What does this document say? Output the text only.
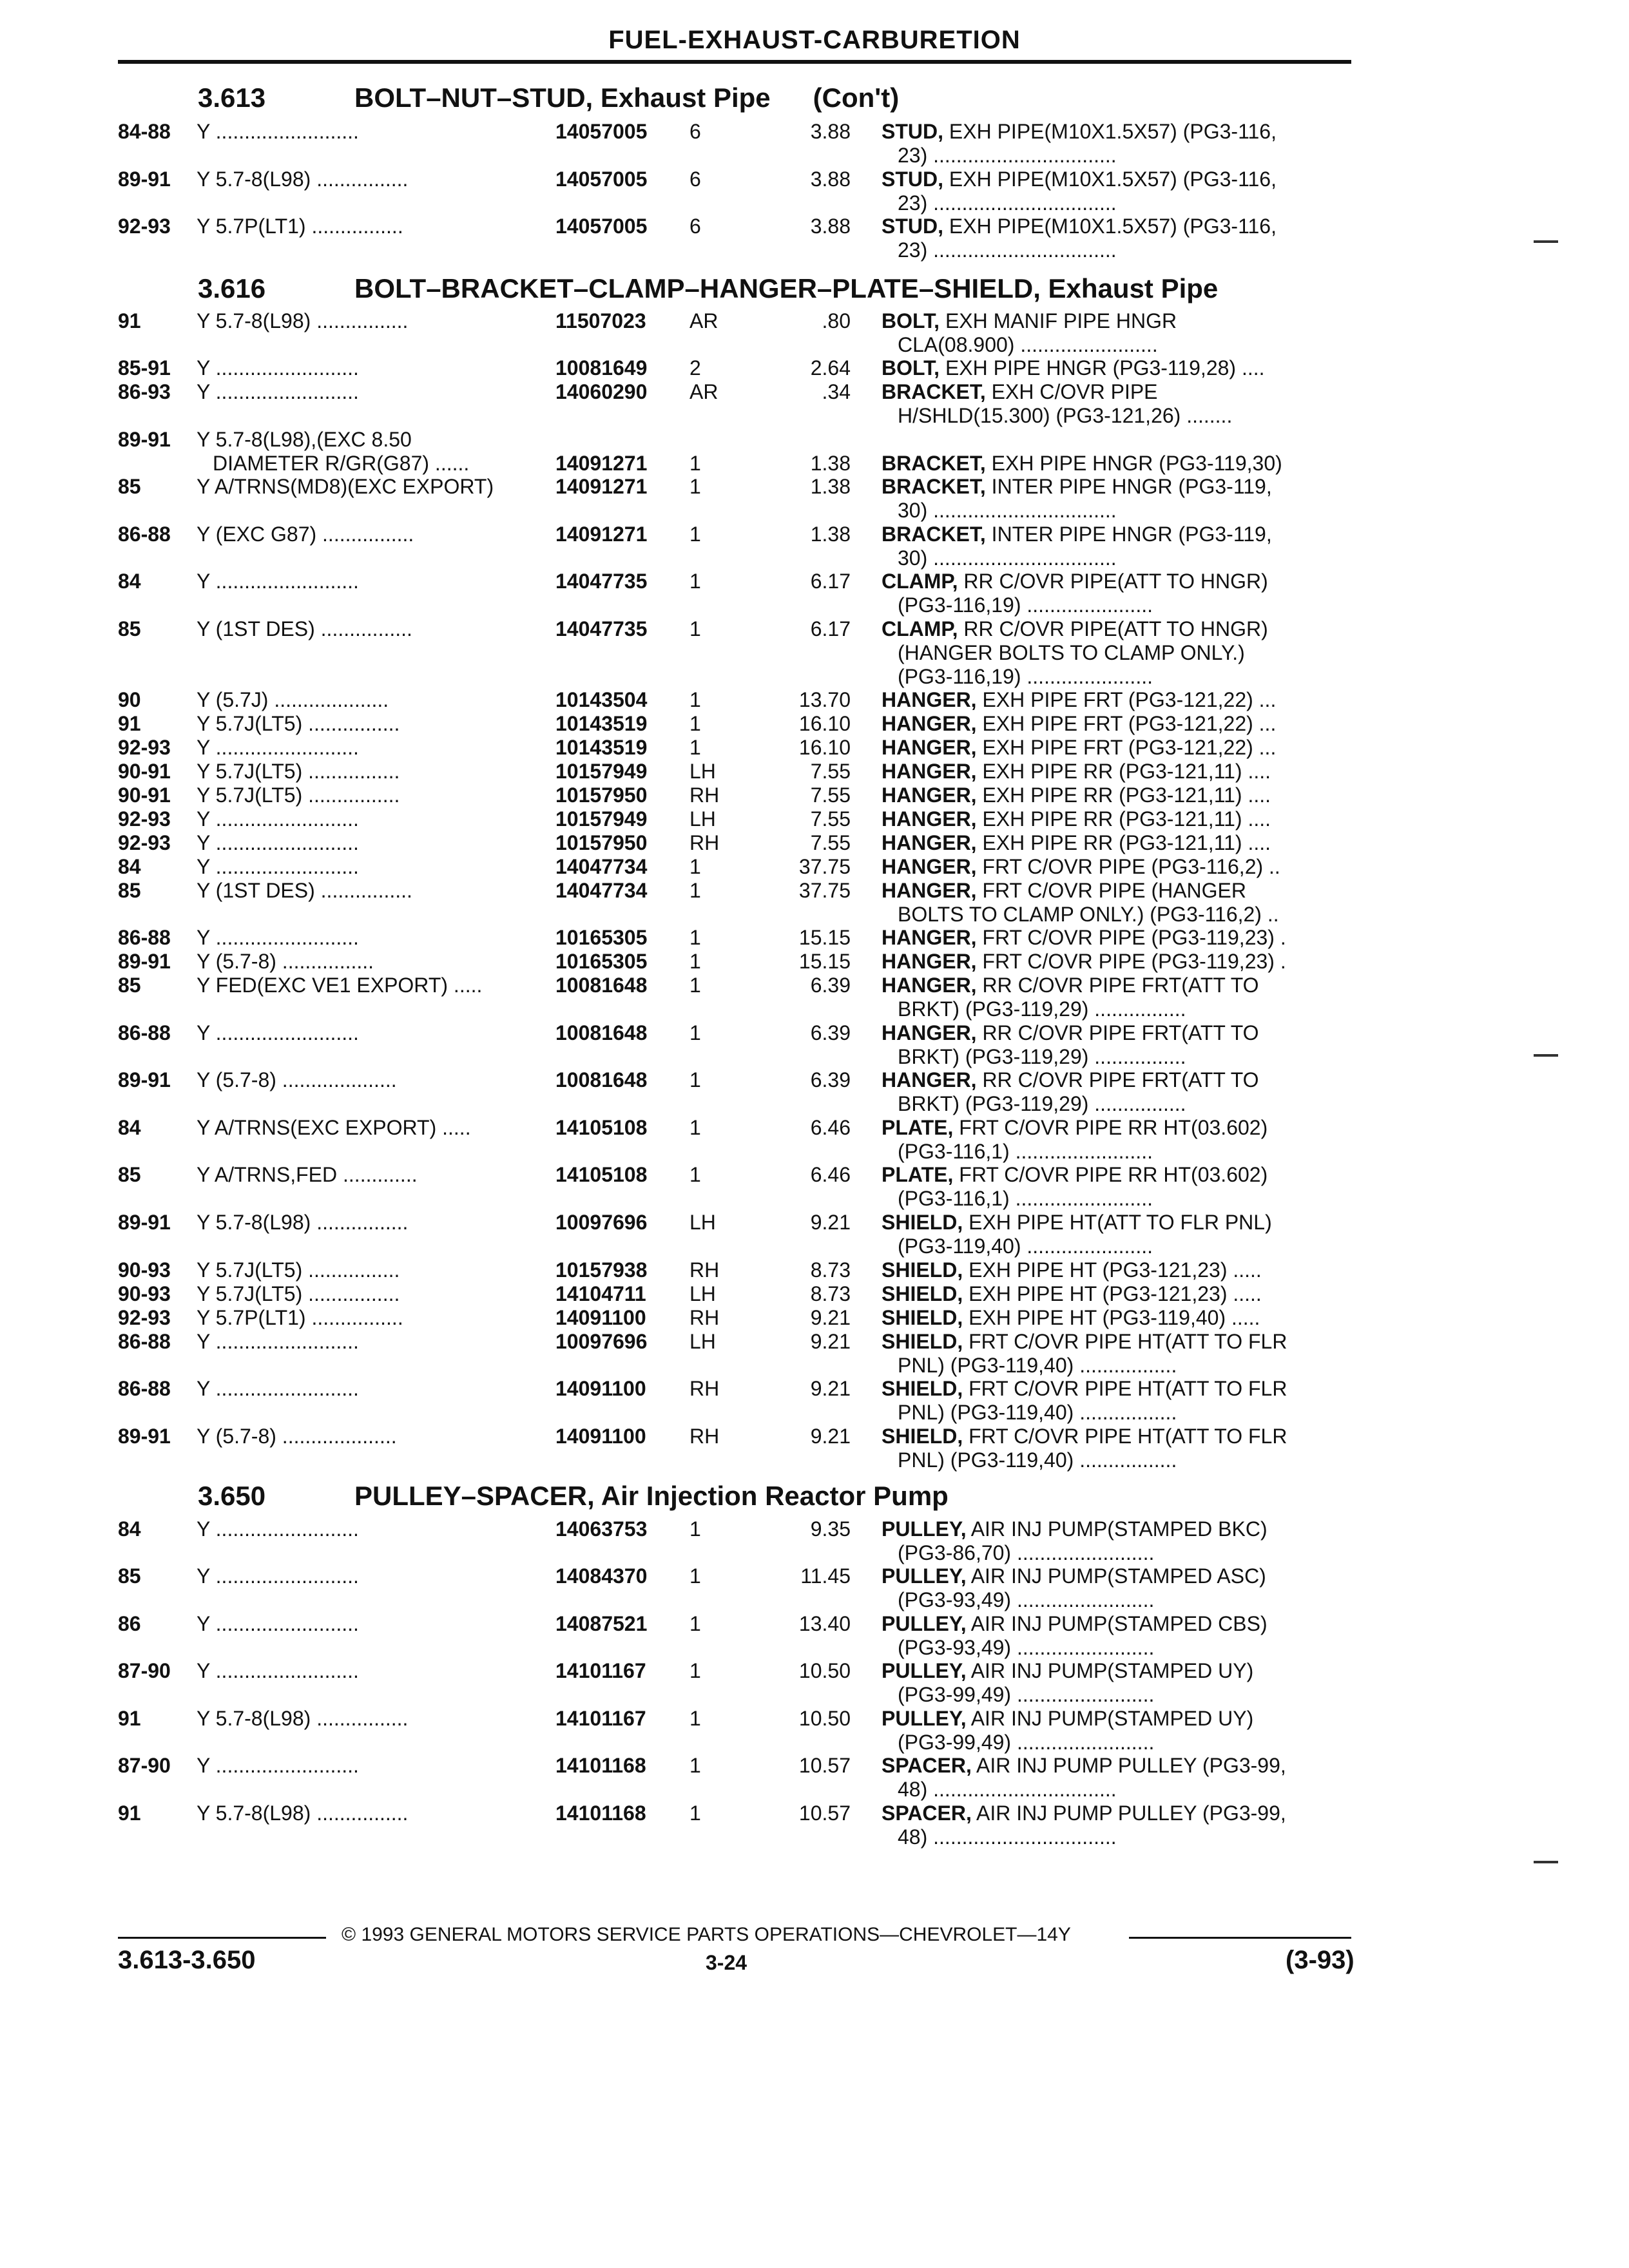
FUEL-EXHAUST-CARBURETION
3.613	BOLT–NUT–STUD, Exhaust Pipe (Con't)
3.616	BOLT–BRACKET–CLAMP–HANGER–PLATE–SHIELD, Exhaust Pipe
3.650	PULLEY–SPACER, Air Injection Reactor Pump
84-88	Y .........................	14057005	6	3.88 STUD, EXH PIPE(M10X1.5X57) (PG3-116,
23) ................................
89-91	Y 5.7-8(L98) ................	14057005	6	3.88 STUD, EXH PIPE(M10X1.5X57) (PG3-116,
23) ................................
92-93	Y 5.7P(LT1) ................	14057005	6	3.88 STUD, EXH PIPE(M10X1.5X57) (PG3-116,
23) ................................
91	Y 5.7-8(L98) ................	11507023	AR	.80 BOLT, EXH MANIF PIPE HNGR
CLA(08.900) ........................
85-91	Y .........................	10081649	2	2.64 BOLT, EXH PIPE HNGR (PG3-119,28) ....
86-93	Y .........................	14060290	AR	.34 BRACKET, EXH C/OVR PIPE
H/SHLD(15.300) (PG3-121,26) ........
89-91	Y 5.7-8(L98),(EXC 8.50
DIAMETER R/GR(G87) ......	14091271	1	1.38 BRACKET, EXH PIPE HNGR (PG3-119,30)
85	Y A/TRNS(MD8)(EXC EXPORT)	14091271	1	1.38 BRACKET, INTER PIPE HNGR (PG3-119,
30) ................................
86-88	Y (EXC G87) ................	14091271	1	1.38 BRACKET, INTER PIPE HNGR (PG3-119,
30) ................................
84	Y .........................	14047735	1	6.17 CLAMP, RR C/OVR PIPE(ATT TO HNGR)
(PG3-116,19) ......................
85	Y (1ST DES) ................	14047735	1	6.17 CLAMP, RR C/OVR PIPE(ATT TO HNGR)
(HANGER BOLTS TO CLAMP ONLY.)
(PG3-116,19) ......................
90	Y (5.7J) ....................	10143504	1	13.70 HANGER, EXH PIPE FRT (PG3-121,22) ...
91	Y 5.7J(LT5) ................	10143519	1	16.10 HANGER, EXH PIPE FRT (PG3-121,22) ...
92-93	Y .........................	10143519	1	16.10 HANGER, EXH PIPE FRT (PG3-121,22) ...
90-91	Y 5.7J(LT5) ................	10157949	LH	7.55 HANGER, EXH PIPE RR (PG3-121,11) ....
90-91	Y 5.7J(LT5) ................	10157950	RH	7.55 HANGER, EXH PIPE RR (PG3-121,11) ....
92-93	Y .........................	10157949	LH	7.55 HANGER, EXH PIPE RR (PG3-121,11) ....
92-93	Y .........................	10157950	RH	7.55 HANGER, EXH PIPE RR (PG3-121,11) ....
84	Y .........................	14047734	1	37.75 HANGER, FRT C/OVR PIPE (PG3-116,2) ..
85	Y (1ST DES) ................	14047734	1	37.75 HANGER, FRT C/OVR PIPE (HANGER
BOLTS TO CLAMP ONLY.) (PG3-116,2) ..
86-88	Y .........................	10165305	1	15.15 HANGER, FRT C/OVR PIPE (PG3-119,23) .
89-91	Y (5.7-8) ................	10165305	1	15.15 HANGER, FRT C/OVR PIPE (PG3-119,23) .
85	Y FED(EXC VE1 EXPORT) .....	10081648	1	6.39 HANGER, RR C/OVR PIPE FRT(ATT TO
BRKT) (PG3-119,29) ................
86-88	Y .........................	10081648	1	6.39 HANGER, RR C/OVR PIPE FRT(ATT TO
BRKT) (PG3-119,29) ................
89-91	Y (5.7-8) ....................	10081648	1	6.39 HANGER, RR C/OVR PIPE FRT(ATT TO
BRKT) (PG3-119,29) ................
84	Y A/TRNS(EXC EXPORT) .....	14105108	1	6.46 PLATE, FRT C/OVR PIPE RR HT(03.602)
(PG3-116,1) ........................
85	Y A/TRNS,FED .............	14105108	1	6.46 PLATE, FRT C/OVR PIPE RR HT(03.602)
(PG3-116,1) ........................
89-91	Y 5.7-8(L98) ................	10097696	LH	9.21 SHIELD, EXH PIPE HT(ATT TO FLR PNL)
(PG3-119,40) ......................
90-93	Y 5.7J(LT5) ................	10157938	RH	8.73 SHIELD, EXH PIPE HT (PG3-121,23) .....
90-93	Y 5.7J(LT5) ................	14104711	LH	8.73 SHIELD, EXH PIPE HT (PG3-121,23) .....
92-93	Y 5.7P(LT1) ................	14091100	RH	9.21 SHIELD, EXH PIPE HT (PG3-119,40) .....
86-88	Y .........................	10097696	LH	9.21 SHIELD, FRT C/OVR PIPE HT(ATT TO FLR
PNL) (PG3-119,40) .................
86-88	Y .........................	14091100	RH	9.21 SHIELD, FRT C/OVR PIPE HT(ATT TO FLR
PNL) (PG3-119,40) .................
89-91	Y (5.7-8) ....................	14091100	RH	9.21 SHIELD, FRT C/OVR PIPE HT(ATT TO FLR
PNL) (PG3-119,40) .................
84	Y .........................	14063753	1	9.35 PULLEY, AIR INJ PUMP(STAMPED BKC)
(PG3-86,70) ........................
85	Y .........................	14084370	1	11.45 PULLEY, AIR INJ PUMP(STAMPED ASC)
(PG3-93,49) ........................
86	Y .........................	14087521	1	13.40 PULLEY, AIR INJ PUMP(STAMPED CBS)
(PG3-93,49) ........................
87-90	Y .........................	14101167	1	10.50 PULLEY, AIR INJ PUMP(STAMPED UY)
(PG3-99,49) ........................
91	Y 5.7-8(L98) ................	14101167	1	10.50 PULLEY, AIR INJ PUMP(STAMPED UY)
(PG3-99,49) ........................
87-90	Y .........................	14101168	1	10.57 SPACER, AIR INJ PUMP PULLEY (PG3-99,
48) ................................
91	Y 5.7-8(L98) ................	14101168	1	10.57 SPACER, AIR INJ PUMP PULLEY (PG3-99,
48) ................................
© 1993 GENERAL MOTORS SERVICE PARTS OPERATIONS—CHEVROLET—14Y
3.613-3.650	3-24	(3-93)
